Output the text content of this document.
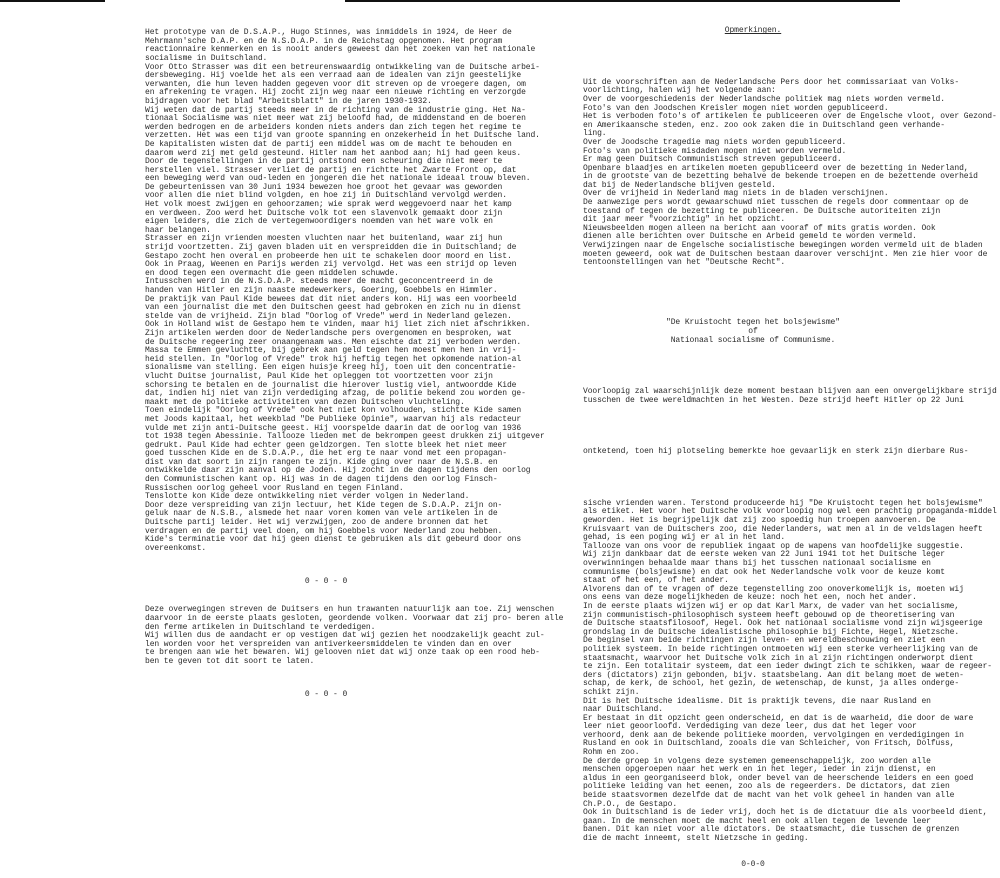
Het prototype van de D.S.A.P., Hugo Stinnes, was inmiddels in 1924, de Heer de
Mehrmann'sche D.A.P. en de N.S.D.A.P. in de Reichstag opgenomen. Het program
reactionnaire kenmerken en is nooit anders geweest dan het zoeken van het nationale
socialisme in Duitschland.
Voor Otto Strasser was dit een betreurenswaardig ontwikkeling van de Duitsche arbei-
dersbeweging. Hij voelde het als een verraad aan de idealen van zijn geestelijke
verwanten, die hun leven hadden gegeven voor dit streven op de vroegere dagen, om
en afrekening te vragen. Hij zocht zijn weg naar een nieuwe richting en verzorgde
bijdragen voor het blad "Arbeitsblatt" in de jaren 1930-1932.
Wij weten dat de partij steeds meer in de richting van de industrie ging. Het Na-
tionaal Socialisme was niet meer wat zij beloofd had, de middenstand en de boeren
werden bedrogen en de arbeiders konden niets anders dan zich tegen het regime te
verzetten. Het was een tijd van groote spanning en onzekerheid in het Duitsche land.
De kapitalisten wisten dat de partij een middel was om de macht te behouden en
daarom werd zij met geld gesteund. Hitler nam het aanbod aan; hij had geen keus.
Door de tegenstellingen in de partij ontstond een scheuring die niet meer te
herstellen viel. Strasser verliet de partij en richtte het Zwarte Front op, dat
een beweging werd van oud-leden en jongeren die het nationale ideaal trouw bleven.
De gebeurtenissen van 30 Juni 1934 bewezen hoe groot het gevaar was geworden
voor allen die niet blind volgden, en hoe zij in Duitschland vervolgd werden.
Het volk moest zwijgen en gehoorzamen; wie sprak werd weggevoerd naar het kamp
en verdween. Zoo werd het Duitsche volk tot een slavenvolk gemaakt door zijn
eigen leiders, die zich de vertegenwoordigers noemden van het ware volk en
haar belangen.
Strasser en zijn vrienden moesten vluchten naar het buitenland, waar zij hun
strijd voortzetten. Zij gaven bladen uit en verspreidden die in Duitschland; de
Gestapo zocht hen overal en probeerde hen uit te schakelen door moord en list.
Ook in Praag, Weenen en Parijs werden zij vervolgd. Het was een strijd op leven
en dood tegen een overmacht die geen middelen schuwde.
Intusschen werd in de N.S.D.A.P. steeds meer de macht geconcentreerd in de
handen van Hitler en zijn naaste medewerkers, Goering, Goebbels en Himmler.
De praktijk van Paul Kide bewees dat dit niet anders kon. Hij was een voorbeeld
van een journalist die met den Duitschen geest had gebroken en zich nu in dienst
stelde van de vrijheid. Zijn blad "Oorlog of Vrede" werd in Nederland gelezen.
Ook in Holland wist de Gestapo hem te vinden, maar hij liet zich niet afschrikken.
Zijn artikelen werden door de Nederlandsche pers overgenomen en besproken, wat
de Duitsche regeering zeer onaangenaam was. Men eischte dat zij verboden werden.
Massa te Emmen gevluchtte, bij gebrek aan geld tegen hen moest men hen in vrij-
heid stellen. In "Oorlog of Vrede" trok hij heftig tegen het opkomende nation-al
sionalisme van stelling. Een eigen huisje kreeg hij, toen uit den concentratie-
vlucht Duitse journalist, Paul Kide het opleggen tot voortzetten voor zijn
schorsing te betalen en de journalist die hierover lustig viel, antwoordde Kide
dat, indien hij niet van zijn verdediging afzag, de politie bekend zou worden ge-
maakt met de politieke activiteiten van dezen Duitschen vluchteling.
Toen eindelijk "Oorlog of Vrede" ook het niet kon volhouden, stichtte Kide samen
met Joods kapitaal, het weekblad "De Publieke Opinie", waarvan hij als redacteur
vulde met zijn anti-Duitsche geest. Hij voorspelde daarin dat de oorlog van 1936
tot 1938 tegen Abessinie. Tallooze lieden met de bekrompen geest drukken zij uitgever
gedrukt. Paul Kide had echter geen geldzorgen. Ten slotte bleek het niet meer
goed tusschen Kide en de S.D.A.P., die het erg te naar vond met een propagan-
dist van dat soort in zijn rangen te zijn. Kide ging over naar de N.S.B. en
ontwikkelde daar zijn aanval op de Joden. Hij zocht in de dagen tijdens den oorlog
den Communistischen kant op. Hij was in de dagen tijdens den oorlog Finsch-
Russischen oorlog geheel voor Rusland en tegen Finland.
Tenslotte kon Kide deze ontwikkeling niet verder volgen in Nederland.
Door deze verspreiding van zijn lectuur, het Kide tegen de S.D.A.P. zijn on-
geluk naar de N.S.B., alsmede het naar voren komen van vele artikelen in de
Duitsche partij leider. Het wij verzwijgen, zoo de andere bronnen dat het
verdragen en de partij veel doen, om hij Goebbels voor Nederland zou hebben.
Kide's terminatie voor dat hij geen dienst te gebruiken als dit gebeurd door ons
overeenkomst.

0 - 0 - 0

Deze overwegingen streven de Duitsers en hun trawanten natuurlijk aan toe. Zij wenschen
daarvoor in de eerste plaats gesloten, geordende volken. Voorwaar dat zij pro- beren alle
den ferme artikelen in Duitschland te verdedigen.
Wij willen dus de aandacht er op vestigen dat wij gezien het noodzakelijk geacht zul-
len worden voor het verspreiden van antiverkeersmiddelen te vinden dan en over
te brengen aan wie het bewaren. Wij gelooven niet dat wij onze taak op een rood heb-
ben te geven tot dit soort te laten.

0 - 0 - 0

Opmerkingen.

Uit de voorschriften aan de Nederlandsche Pers door het commissariaat van Volks-
voorlichting, halen wij het volgende aan:
Over de voorgeschiedenis der Nederlandsche politiek mag niets worden vermeld.
Foto's van den Joodschen Kreisler mogen niet worden gepubliceerd.
Het is verboden foto's of artikelen te publiceeren over de Engelsche vloot, over Gezond-
en Amerikaansche steden, enz. zoo ook zaken die in Duitschland geen verhande-
ling.
Over de Joodsche tragedie mag niets worden gepubliceerd.
Foto's van politieke misdaden mogen niet worden vermeld.
Er mag geen Duitsch Communistisch streven gepubliceerd.
Openbare blaadjes en artikelen moeten gepubliceerd over de bezetting in Nederland,
in de grootste van de bezetting behalve de bekende troepen en de bezettende overheid
dat bij de Nederlandsche blijven gesteld.
Over de vrijheid in Nederland mag niets in de bladen verschijnen.
De aanwezige pers wordt gewaarschuwd niet tusschen de regels door commentaar op de
toestand of tegen de bezetting te publiceeren. De Duitsche autoriteiten zijn
dit jaar meer "voorzichtig" in het opzicht.
Nieuwsbeelden mogen alleen na bericht aan vooraf of mits gratis worden. Ook
dienen alle berichten over Duitsche en Arbeid gemeld te worden vermeld.
Verwijzingen naar de Engelsche socialistische bewegingen worden vermeld uit de bladen
moeten geweerd, ook wat de Duitschen bestaan daarover verschijnt. Men zie hier voor de
tentoonstellingen van het "Deutsche Recht".

"De Kruistocht tegen het bolsjewisme"
of
Nationaal socialisme of Communisme.

Voorloopig zal waarschijnlijk deze moment bestaan blijven aan een onvergelijkbare strijd
tusschen de twee wereldmachten in het Westen. Deze strijd heeft Hitler op 22 Juni

ontketend, toen hij plotseling bemerkte hoe gevaarlijk en sterk zijn dierbare Rus-

sische vrienden waren. Terstond produceerde hij "De Kruistocht tegen het bolsjewisme"
als etiket. Het voor het Duitsche volk voorloopig nog wel een prachtig propaganda-middel
geworden. Het is begrijpelijk dat zij zoo spoedig hun troepen aanvoeren. De
Kruisvaart van de Duitschers zoo, die Nederlanders, wat men al in de veldslagen heeft
gehad, is een poging wij er al in het land.
Tallooze van ons voor de republiek ingaat op de wapens van hoofdelijke suggestie.
Wij zijn dankbaar dat de eerste weken van 22 Juni 1941 tot het Duitsche leger
overwinningen behaalde maar thans bij het tusschen nationaal socialisme en
communisme (bolsjewisme) en dat ook het Nederlandsche volk voor de keuze komt
staat of het een, of het ander.
Alvorens dan of te vragen of deze tegenstelling zoo onoverkomelijk is, moeten wij
ons eens van deze mogelijkheden de keuze: noch het een, noch het ander.
In de eerste plaats wijzen wij er op dat Karl Marx, de vader van het socialisme,
zijn communistisch-philosophisch systeem heeft gebouwd op de theoretisering van
de Duitsche staatsfilosoof, Hegel. Ook het nationaal socialisme vond zijn wijsgeerige
grondslag in de Duitsche idealistische philosophie bij Fichte, Hegel, Nietzsche.
De beginsel van beide richtingen zijn leven- en wereldbeschouwing en ziet een
politiek systeem. In beide richtingen ontmoeten wij een sterke verheerlijking van de
staatsmacht, waarvoor het Duitsche volk zich in al zijn richtingen onderworpt dient
te zijn. Een totalitair systeem, dat een ieder dwingt zich te schikken, waar de regeer-
ders (dictators) zijn gebonden, bijv. staatsbelang. Aan dit belang moet de weten-
schap, de kerk, de school, het gezin, de wetenschap, de kunst, ja alles onderge-
schikt zijn.
Dit is het Duitsche idealisme. Dit is praktijk tevens, die naar Rusland en
naar Duitschland.
Er bestaat in dit opzicht geen onderscheid, en dat is de waarheid, die door de ware
leer niet geoorloofd. Verdediging van deze leer, dus dat het leger voor
verhoord, denk aan de bekende politieke moorden, vervolgingen en verdedigingen in
Rusland en ook in Duitschland, zooals die van Schleicher, von Fritsch, Dolfuss,
Rohm en zoo.
De derde groep in volgens deze systemen gemeenschappelijk, zoo worden alle
menschen opgeroepen naar het werk en in het leger, ieder in zijn dienst, en
aldus in een georganiseerd blok, onder bevel van de heerschende leiders en een goed
politieke leiding van het eenen, zoo als de regeerders. De dictators, dat zien
beide staatsvormen dezelfde dat de macht van het volk geheel in handen van alle
Ch.P.O., de Gestapo.
Ook in Duitschland is de ieder vrij, doch het is de dictatuur die als voorbeeld dient,
gaan. In de menschen moet de macht heel en ook allen tegen de levende leer
banen. Dit kan niet voor alle dictators. De staatsmacht, die tusschen de grenzen
die de macht inneemt, stelt Nietzsche in geding.

0-0-0
